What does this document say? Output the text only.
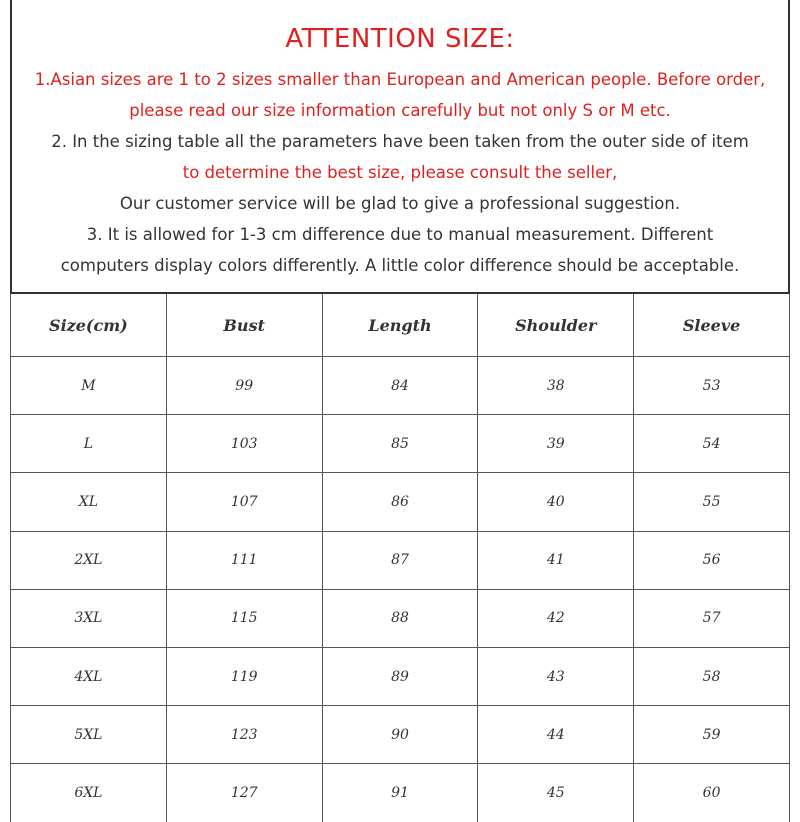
ATTENTION SIZE:
1.Asian sizes are 1 to 2 sizes smaller than European and American people. Before order,
please read our size information carefully but not only S or M etc.
2. In the sizing table all the parameters have been taken from the outer side of item
to determine the best size, please consult the seller,
Our customer service will be glad to give a professional suggestion.
3. It is allowed for 1-3 cm difference due to manual measurement. Different
computers display colors differently. A little color difference should be acceptable.
Size(cm)	Bust	Length	Shoulder	Sleeve
M	99	84	38	53
L	103	85	39	54
XL	107	86	40	55
2XL	111	87	41	56
3XL	115	88	42	57
4XL	119	89	43	58
5XL	123	90	44	59
6XL	127	91	45	60
